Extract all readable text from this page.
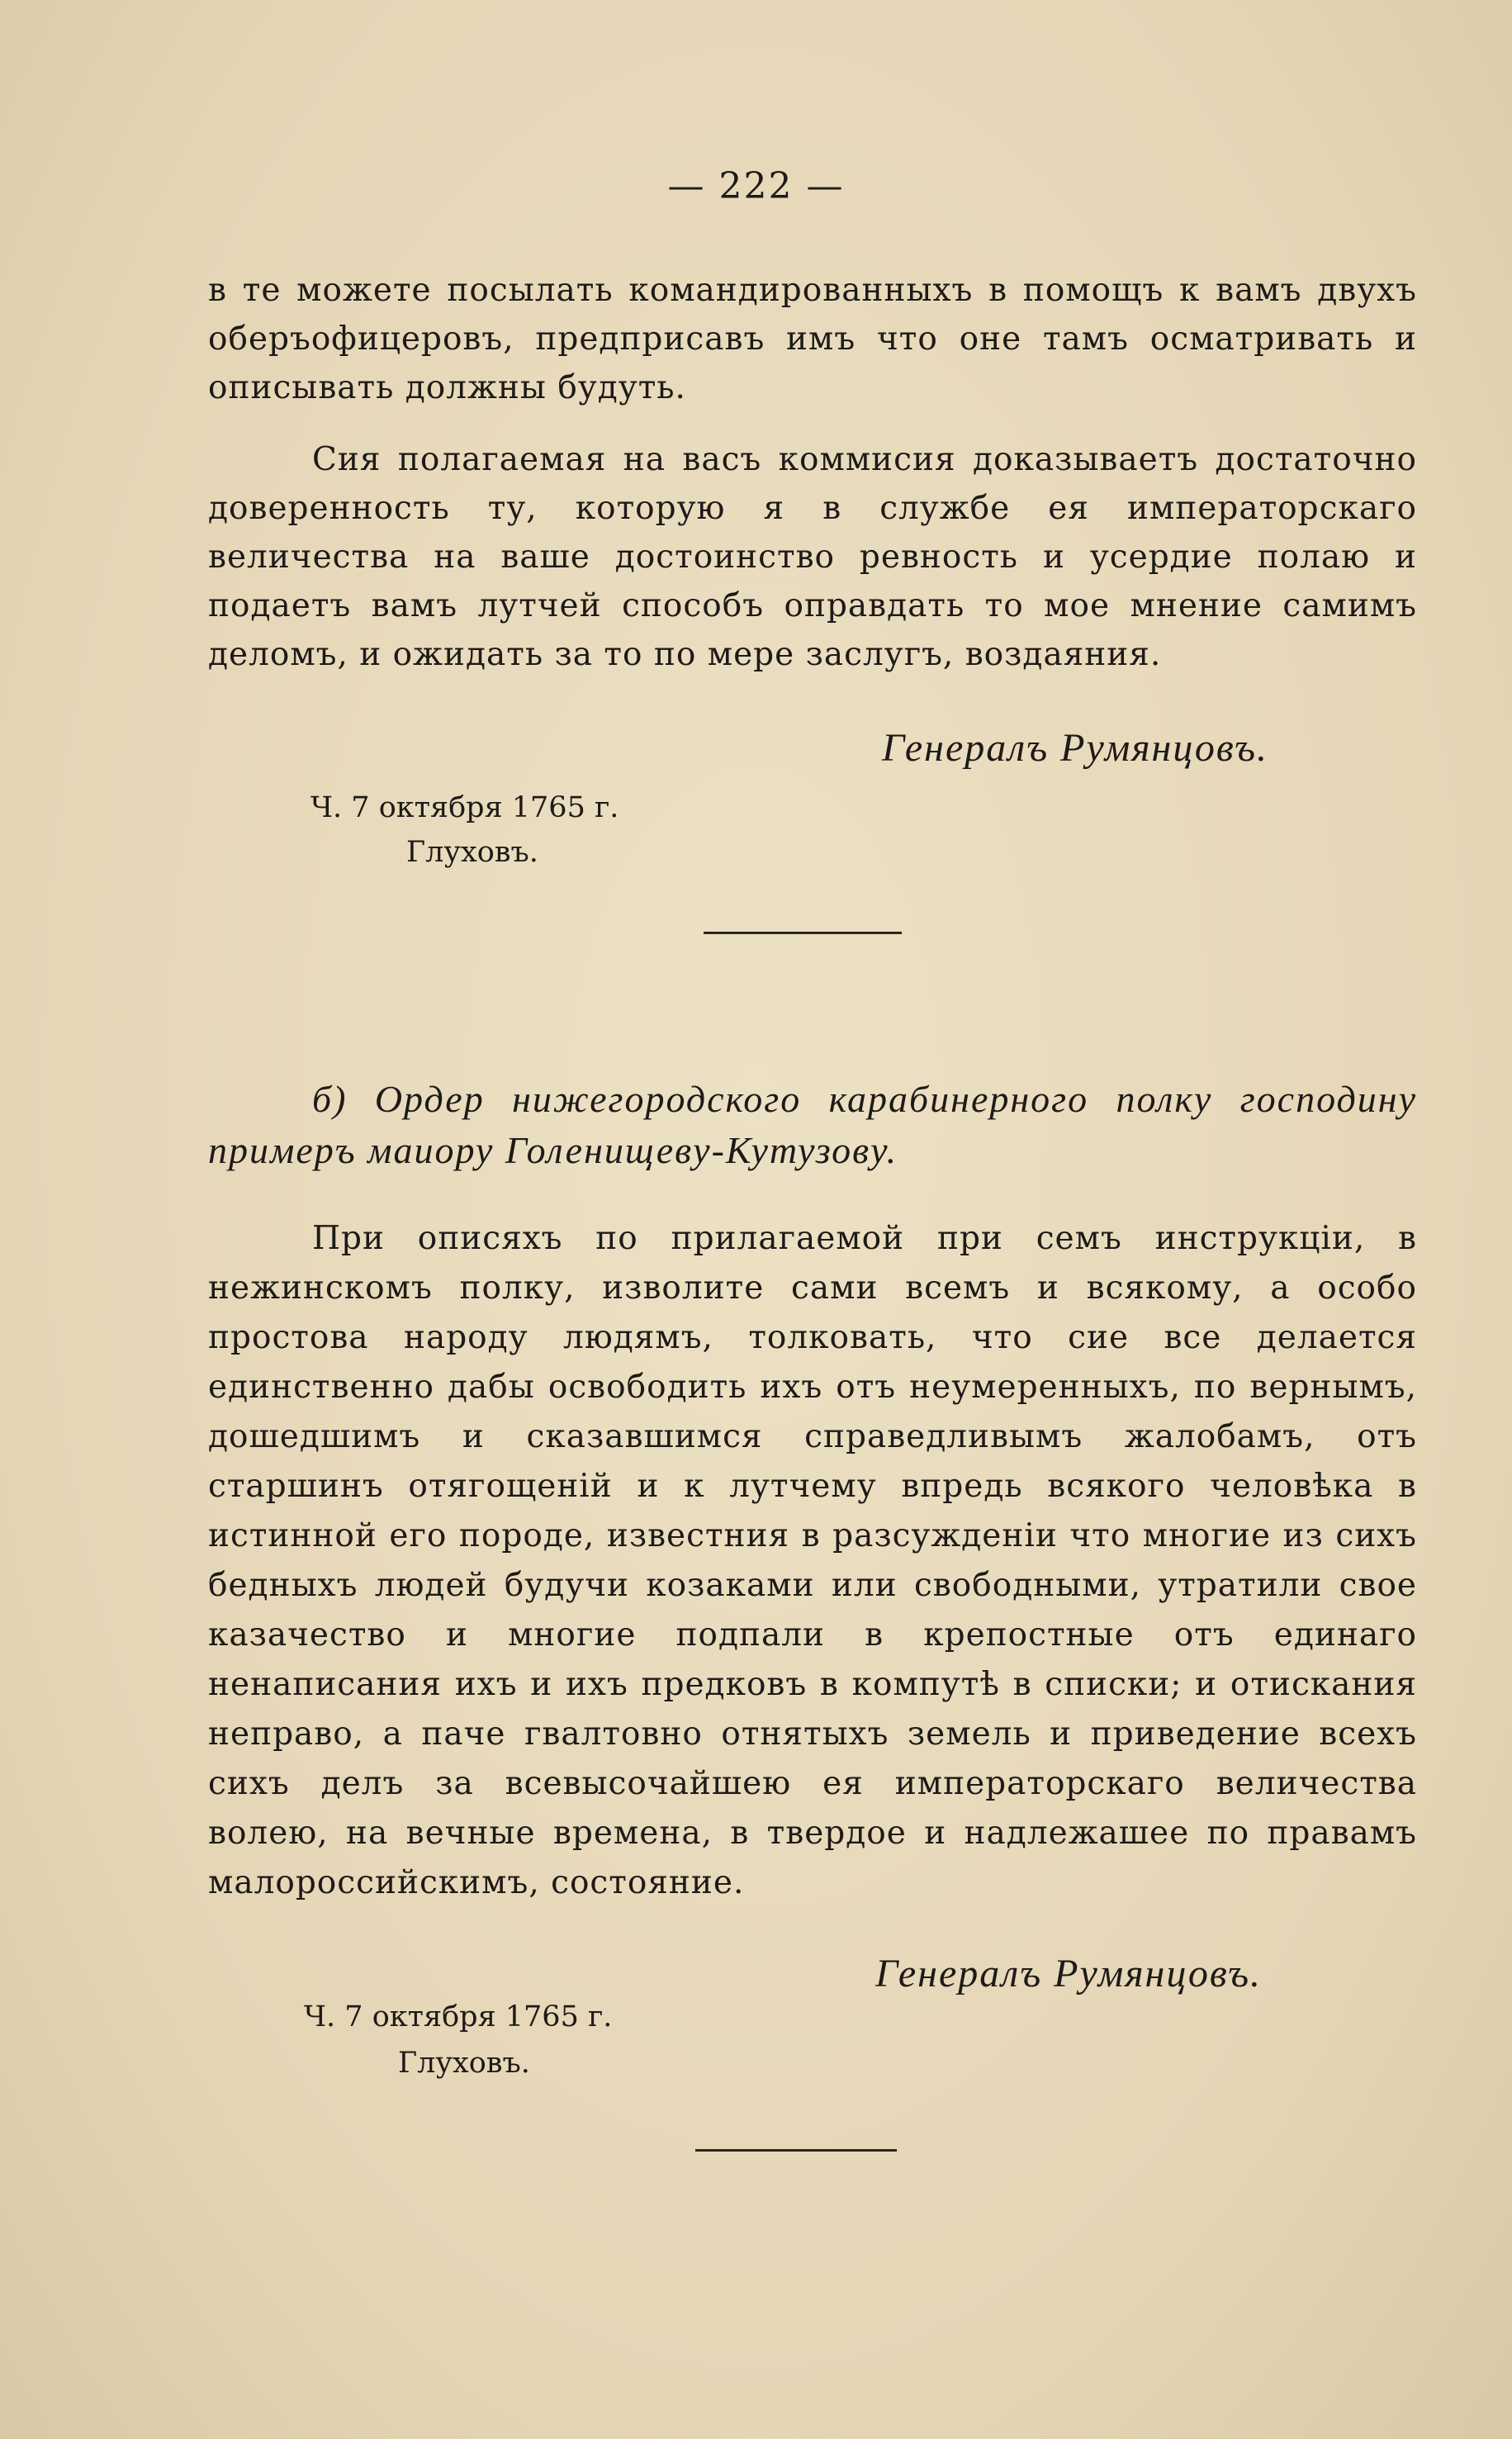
— 222 —

в те можете посылать командированныхъ в помощъ к вамъ двухъ оберъофицеровъ, предприсавъ имъ что оне тамъ осматривать и описывать должны будуть.

Сия полагаемая на васъ коммисия доказываетъ достаточно доверенность ту, которую я в службе ея императорскаго величества на ваше достоинство ревность и усердие полаю и подаетъ вамъ лутчей способъ оправдать то мое мнение самимъ деломъ, и ожидать за то по мере заслугъ, воздаяния.

Генералъ Румянцовъ.
Ч. 7 октября 1765 г.
Глуховъ.

б) Ордер нижегородского карабинерного полку господину примеръ маиору Голенищеву-Кутузову.

При описяхъ по прилагаемой при семъ инструкціи, в нежинскомъ полку, изволите сами всемъ и всякому, а особо простова народу людямъ, толковать, что сие все делается единственно дабы освободить ихъ отъ неумеренныхъ, по вернымъ, дошедшимъ и сказавшимся справедливымъ жалобамъ, отъ старшинъ отягощеній и к лутчему впредь всякого человѣка в истинной его породе, известния в разсужденіи что многие из сихъ бедныхъ людей будучи козаками или свободными, утратили свое казачество и многие подпали в крепостные отъ единаго ненаписания ихъ и ихъ предковъ в компутѣ в списки; и отискания неправо, а паче гвалтовно отнятыхъ земель и приведение всехъ сихъ делъ за всевысочайшею ея императорскаго величества волею, на вечные времена, в твердое и надлежашее по правамъ малороссийскимъ, состояние.

Генералъ Румянцовъ.
Ч. 7 октября 1765 г.
Глуховъ.
